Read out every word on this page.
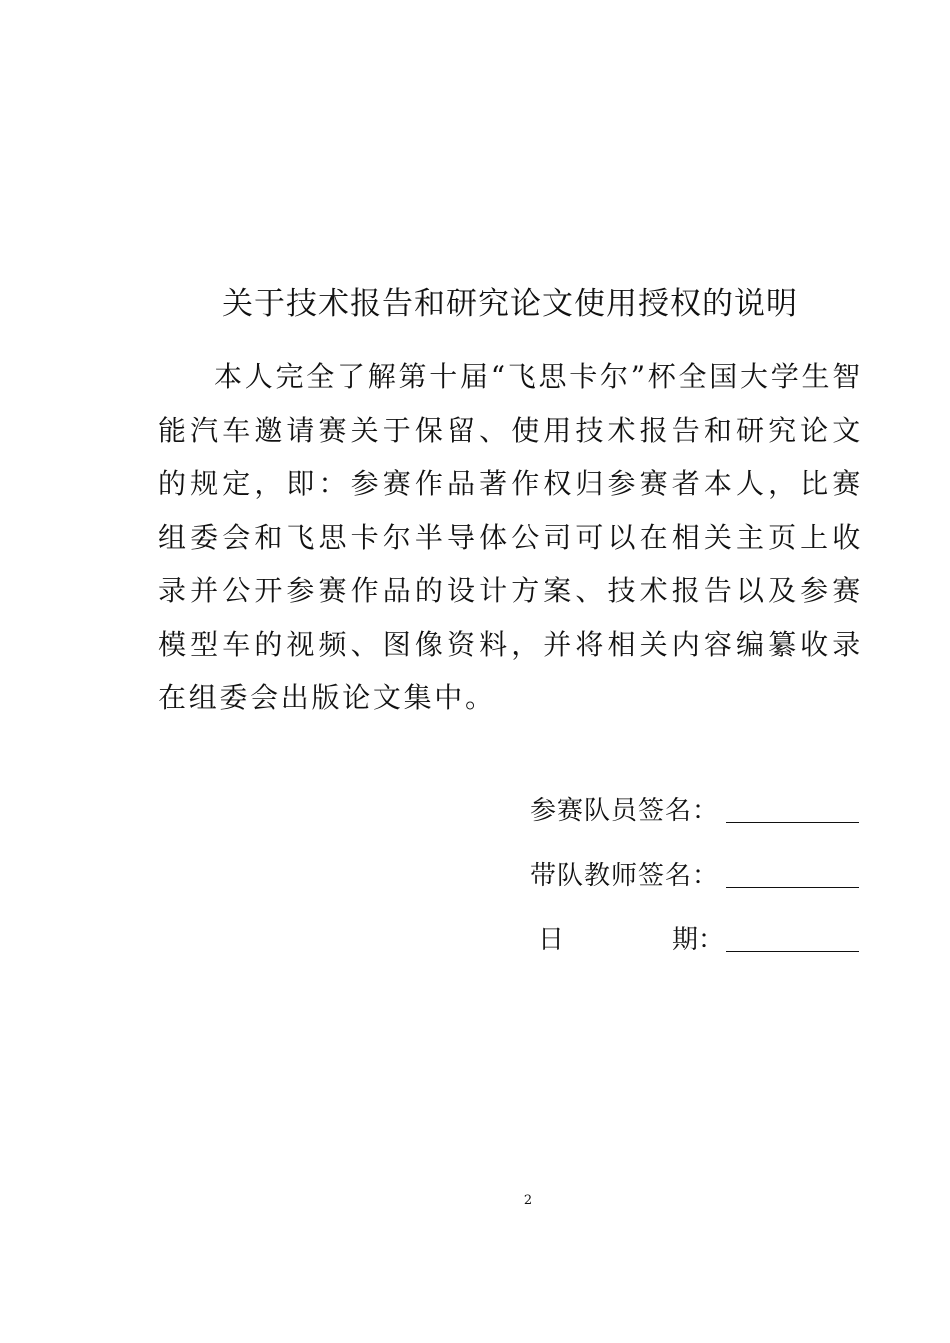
关于技术报告和研究论文使用授权的说明

本人完全了解第十届“飞思卡尔”杯全国大学生智能汽车邀请赛关于保留、使用技术报告和研究论文的规定，即：参赛作品著作权归参赛者本人，比赛组委会和飞思卡尔半导体公司可以在相关主页上收录并公开参赛作品的设计方案、技术报告以及参赛模型车的视频、图像资料，并将相关内容编纂收录在组委会出版论文集中。

参赛队员签名：
带队教师签名：
日	期：
2
